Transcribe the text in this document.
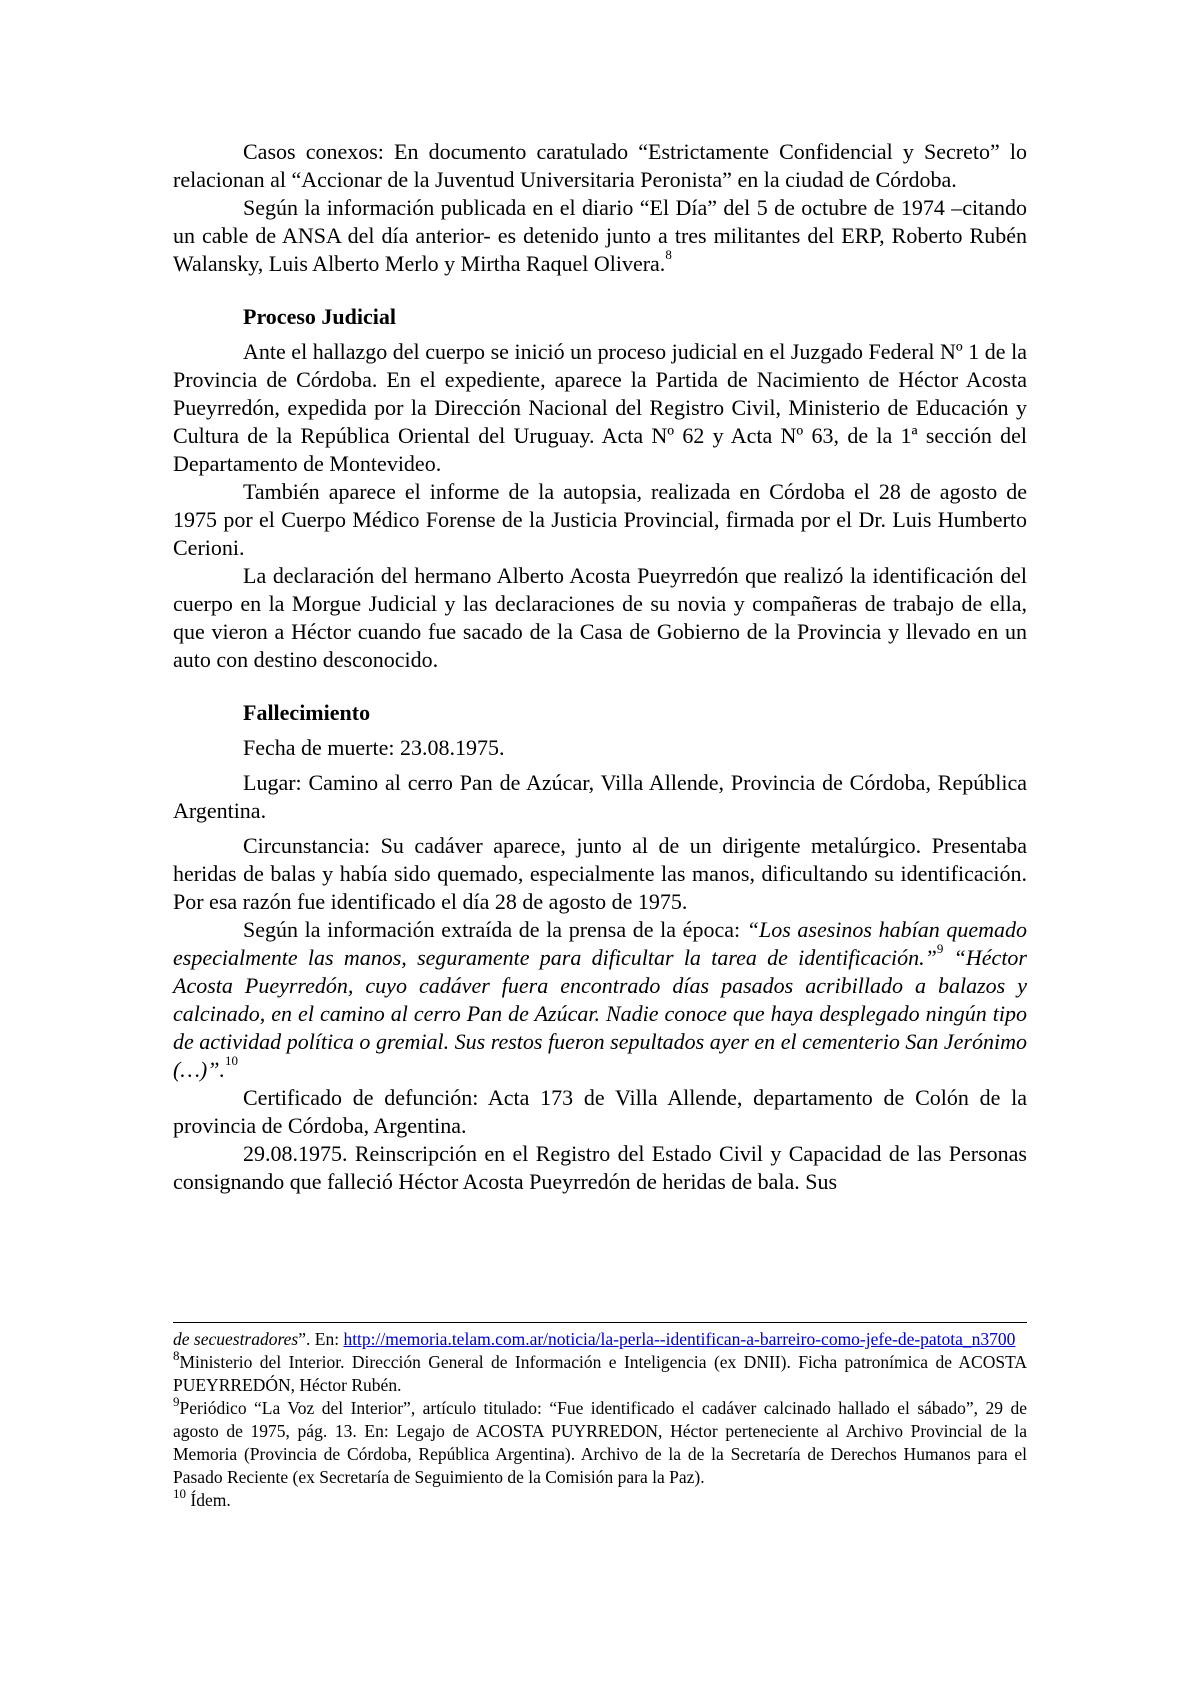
Casos conexos: En documento caratulado “Estrictamente Confidencial y Secreto” lo relacionan al “Accionar de la Juventud Universitaria Peronista” en la ciudad de Córdoba.

Según la información publicada en el diario “El Día” del 5 de octubre de 1974 –citando un cable de ANSA del día anterior- es detenido junto a tres militantes del ERP, Roberto Rubén Walansky, Luis Alberto Merlo y Mirtha Raquel Olivera.$^8$

Proceso Judicial

Ante el hallazgo del cuerpo se inició un proceso judicial en el Juzgado Federal Nº 1 de la Provincia de Córdoba. En el expediente, aparece la Partida de Nacimiento de Héctor Acosta Pueyrredón, expedida por la Dirección Nacional del Registro Civil, Ministerio de Educación y Cultura de la República Oriental del Uruguay. Acta Nº 62 y Acta Nº 63, de la 1ª sección del Departamento de Montevideo.

También aparece el informe de la autopsia, realizada en Córdoba el 28 de agosto de 1975 por el Cuerpo Médico Forense de la Justicia Provincial, firmada por el Dr. Luis Humberto Cerioni.

La declaración del hermano Alberto Acosta Pueyrredón que realizó la identificación del cuerpo en la Morgue Judicial y las declaraciones de su novia y compañeras de trabajo de ella, que vieron a Héctor cuando fue sacado de la Casa de Gobierno de la Provincia y llevado en un auto con destino desconocido.

Fallecimiento

Fecha de muerte: 23.08.1975.

Lugar: Camino al cerro Pan de Azúcar, Villa Allende, Provincia de Córdoba, República Argentina.

Circunstancia: Su cadáver aparece, junto al de un dirigente metalúrgico. Presentaba heridas de balas y había sido quemado, especialmente las manos, dificultando su identificación. Por esa razón fue identificado el día 28 de agosto de 1975.

Según la información extraída de la prensa de la época: “Los asesinos habían quemado especialmente las manos, seguramente para dificultar la tarea de identificación.”$^9$ “Héctor Acosta Pueyrredón, cuyo cadáver fuera encontrado días pasados acribillado a balazos y calcinado, en el camino al cerro Pan de Azúcar. Nadie conoce que haya desplegado ningún tipo de actividad política o gremial. Sus restos fueron sepultados ayer en el cementerio San Jerónimo (…)”.$^{10}$

Certificado de defunción: Acta 173 de Villa Allende, departamento de Colón de la provincia de Córdoba, Argentina.

29.08.1975. Reinscripción en el Registro del Estado Civil y Capacidad de las Personas consignando que falleció Héctor Acosta Pueyrredón de heridas de bala. Sus

de secuestradores”. En: http://memoria.telam.com.ar/noticia/la-perla--identifican-a-barreiro-como-jefe-de-patota_n3700

$^8$Ministerio del Interior. Dirección General de Información e Inteligencia (ex DNII). Ficha patronímica de ACOSTA PUEYRREDÓN, Héctor Rubén.

$^9$Periódico “La Voz del Interior”, artículo titulado: “Fue identificado el cadáver calcinado hallado el sábado”, 29 de agosto de 1975, pág. 13. En: Legajo de ACOSTA PUYRREDON, Héctor perteneciente al Archivo Provincial de la Memoria (Provincia de Córdoba, República Argentina). Archivo de la de la Secretaría de Derechos Humanos para el Pasado Reciente (ex Secretaría de Seguimiento de la Comisión para la Paz).

$^{10}$ Ídem.
